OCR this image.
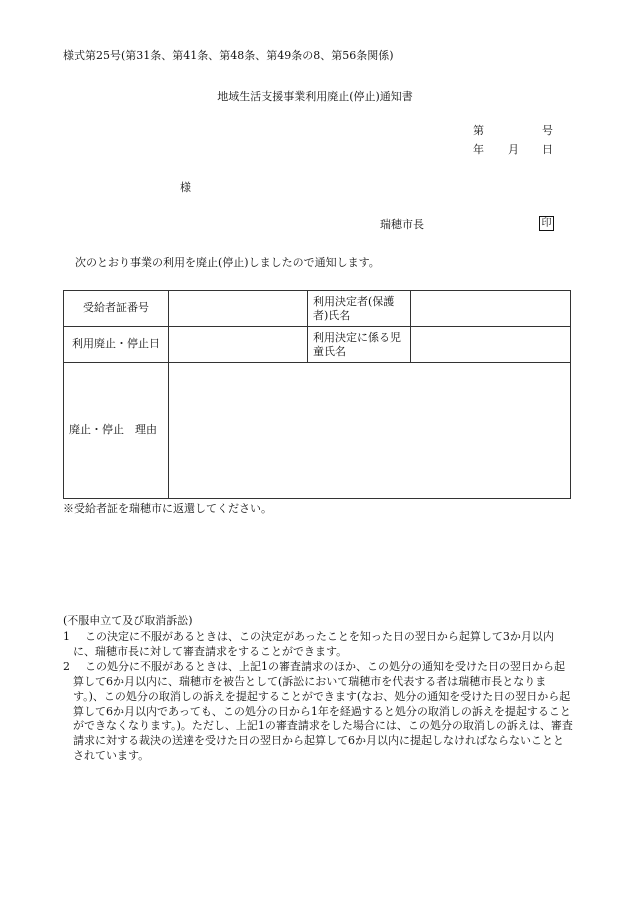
様式第25号(第31条、第41条、第48条、第49条の8、第56条関係)
地域生活支援事業利用廃止(停止)通知書
第	号
年 月 日
様
瑞穂市長	印
次のとおり事業の利用を廃止(停止)しましたので通知します。
受給者証番号		利用決定者(保護者)氏名	
利用廃止・停止日		利用決定に係る児童氏名	
廃止・停止　理由			
※受給者証を瑞穂市に返還してください。
(不服申立て及び取消訴訟)
1	この決定に不服があるときは、この決定があったことを知った日の翌日から起算して3か月以内に、瑞穂市長に対して審査請求をすることができます。
2	この処分に不服があるときは、上記1の審査請求のほか、この処分の通知を受けた日の翌日から起算して6か月以内に、瑞穂市を被告として(訴訟において瑞穂市を代表する者は瑞穂市長となります。)、この処分の取消しの訴えを提起することができます(なお、処分の通知を受けた日の翌日から起算して6か月以内であっても、この処分の日から1年を経過すると処分の取消しの訴えを提起することができなくなります。)。ただし、上記1の審査請求をした場合には、この処分の取消しの訴えは、審査請求に対する裁決の送達を受けた日の翌日から起算して6か月以内に提起しなければならないこととされています。
